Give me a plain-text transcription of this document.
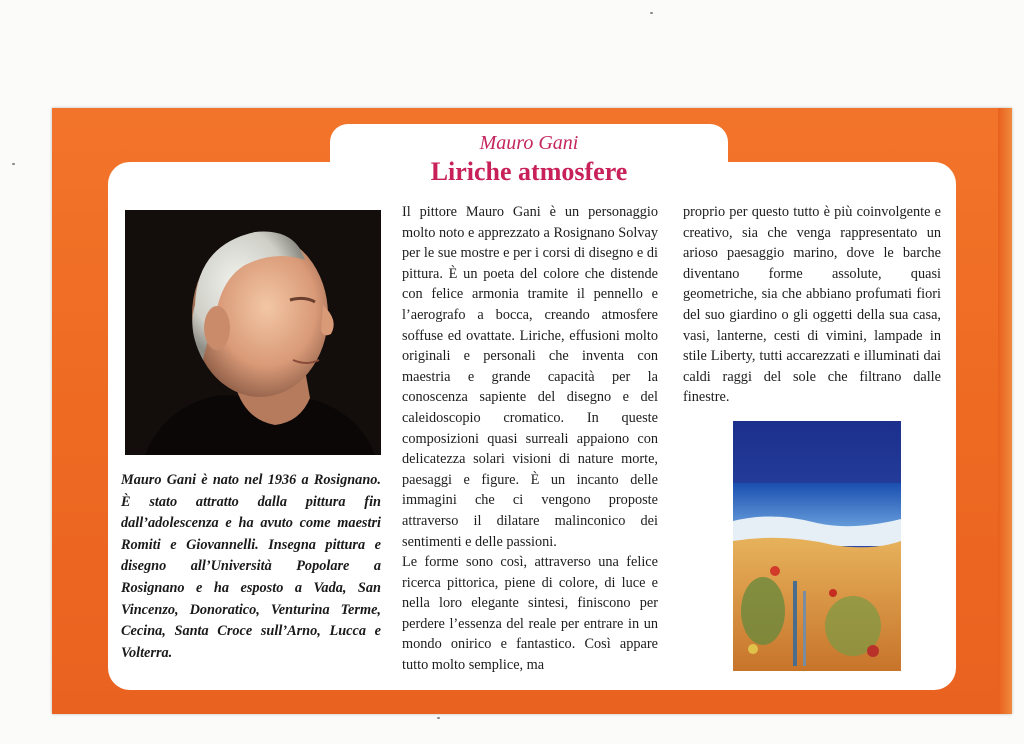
Mauro Gani
Liriche atmosfere
Mauro Gani è nato nel 1936 a Rosignano. È stato attratto dalla pittura fin dall’adolescenza e ha avuto come maestri Romiti e Giovannelli. Insegna pittura e disegno all’Università Popolare a Rosignano e ha esposto a Vada, San Vincenzo, Donoratico, Venturina Terme, Cecina, Santa Croce sull’Arno, Lucca e Volterra.

Il pittore Mauro Gani è un personaggio molto noto e apprezzato a Rosignano Solvay per le sue mostre e per i corsi di disegno e di pittura. È un poeta del colore che distende con felice armonia tramite il pennello e l’aerografo a bocca, creando atmosfere soffuse ed ovattate. Liriche, effusioni molto originali e personali che inventa con maestria e grande capacità per la conoscenza sapiente del disegno e del caleidoscopio cromatico. In queste composizioni quasi surreali appaiono con delicatezza solari visioni di nature morte, paesaggi e figure. È un incanto delle immagini che ci vengono proposte attraverso il dilatare malinconico dei sentimenti e delle passioni.

Le forme sono così, attraverso una felice ricerca pittorica, piene di colore, di luce e nella loro elegante sintesi, finiscono per perdere l’essenza del reale per entrare in un mondo onirico e fantastico. Così appare tutto molto semplice, ma

proprio per questo tutto è più coinvolgente e creativo, sia che venga rappresentato un arioso paesaggio marino, dove le barche diventano forme assolute, quasi geometriche, sia che abbiano profumati fiori del suo giardino o gli oggetti della sua casa, vasi, lanterne, cesti di vimini, lampade in stile Liberty, tutti accarezzati e illuminati dai caldi raggi del sole che filtrano dalle finestre.
